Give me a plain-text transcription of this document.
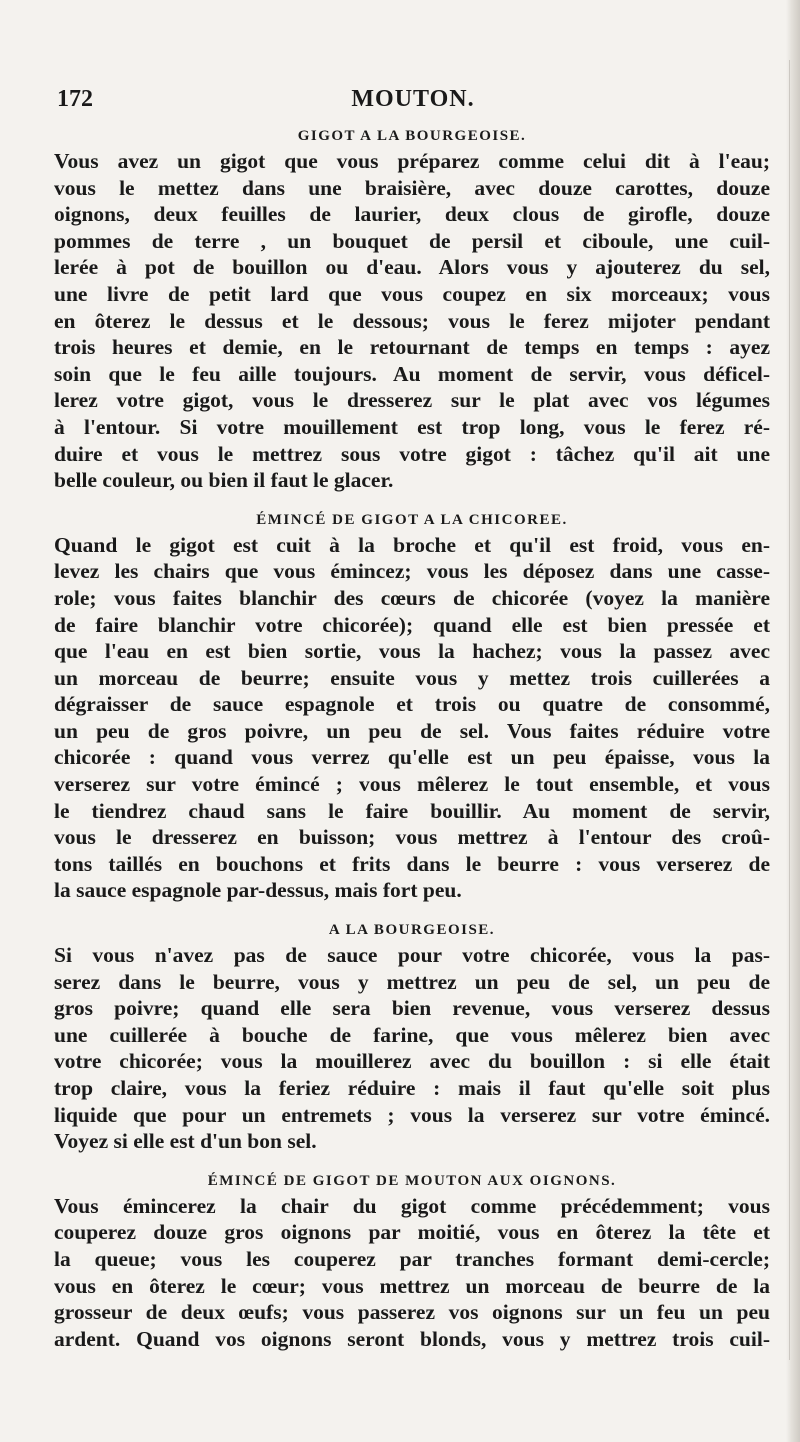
172	MOUTON.
GIGOT A LA BOURGEOISE.
Vous avez un gigot que vous préparez comme celui dit à l'eau;
vous le mettez dans une braisière, avec douze carottes, douze
oignons, deux feuilles de laurier, deux clous de girofle, douze
pommes de terre , un bouquet de persil et ciboule, une cuil-
lerée à pot de bouillon ou d'eau. Alors vous y ajouterez du sel,
une livre de petit lard que vous coupez en six morceaux; vous
en ôterez le dessus et le dessous; vous le ferez mijoter pendant
trois heures et demie, en le retournant de temps en temps : ayez
soin que le feu aille toujours. Au moment de servir, vous déficel-
lerez votre gigot, vous le dresserez sur le plat avec vos légumes
à l'entour. Si votre mouillement est trop long, vous le ferez ré-
duire et vous le mettrez sous votre gigot : tâchez qu'il ait une
belle couleur, ou bien il faut le glacer.
ÉMINCÉ DE GIGOT A LA CHICOREE.
Quand le gigot est cuit à la broche et qu'il est froid, vous en-
levez les chairs que vous émincez; vous les déposez dans une casse-
role; vous faites blanchir des cœurs de chicorée (voyez la manière
de faire blanchir votre chicorée); quand elle est bien pressée et
que l'eau en est bien sortie, vous la hachez; vous la passez avec
un morceau de beurre; ensuite vous y mettez trois cuillerées a
dégraisser de sauce espagnole et trois ou quatre de consommé,
un peu de gros poivre, un peu de sel. Vous faites réduire votre
chicorée : quand vous verrez qu'elle est un peu épaisse, vous la
verserez sur votre émincé ; vous mêlerez le tout ensemble, et vous
le tiendrez chaud sans le faire bouillir. Au moment de servir,
vous le dresserez en buisson; vous mettrez à l'entour des croû-
tons taillés en bouchons et frits dans le beurre : vous verserez de
la sauce espagnole par-dessus, mais fort peu.
A LA BOURGEOISE.
Si vous n'avez pas de sauce pour votre chicorée, vous la pas-
serez dans le beurre, vous y mettrez un peu de sel, un peu de
gros poivre; quand elle sera bien revenue, vous verserez dessus
une cuillerée à bouche de farine, que vous mêlerez bien avec
votre chicorée; vous la mouillerez avec du bouillon : si elle était
trop claire, vous la feriez réduire : mais il faut qu'elle soit plus
liquide que pour un entremets ; vous la verserez sur votre émincé.
Voyez si elle est d'un bon sel.
ÉMINCÉ DE GIGOT DE MOUTON AUX OIGNONS.
Vous émincerez la chair du gigot comme précédemment; vous
couperez douze gros oignons par moitié, vous en ôterez la tête et
la queue; vous les couperez par tranches formant demi-cercle;
vous en ôterez le cœur; vous mettrez un morceau de beurre de la
grosseur de deux œufs; vous passerez vos oignons sur un feu un peu
ardent. Quand vos oignons seront blonds, vous y mettrez trois cuil-
